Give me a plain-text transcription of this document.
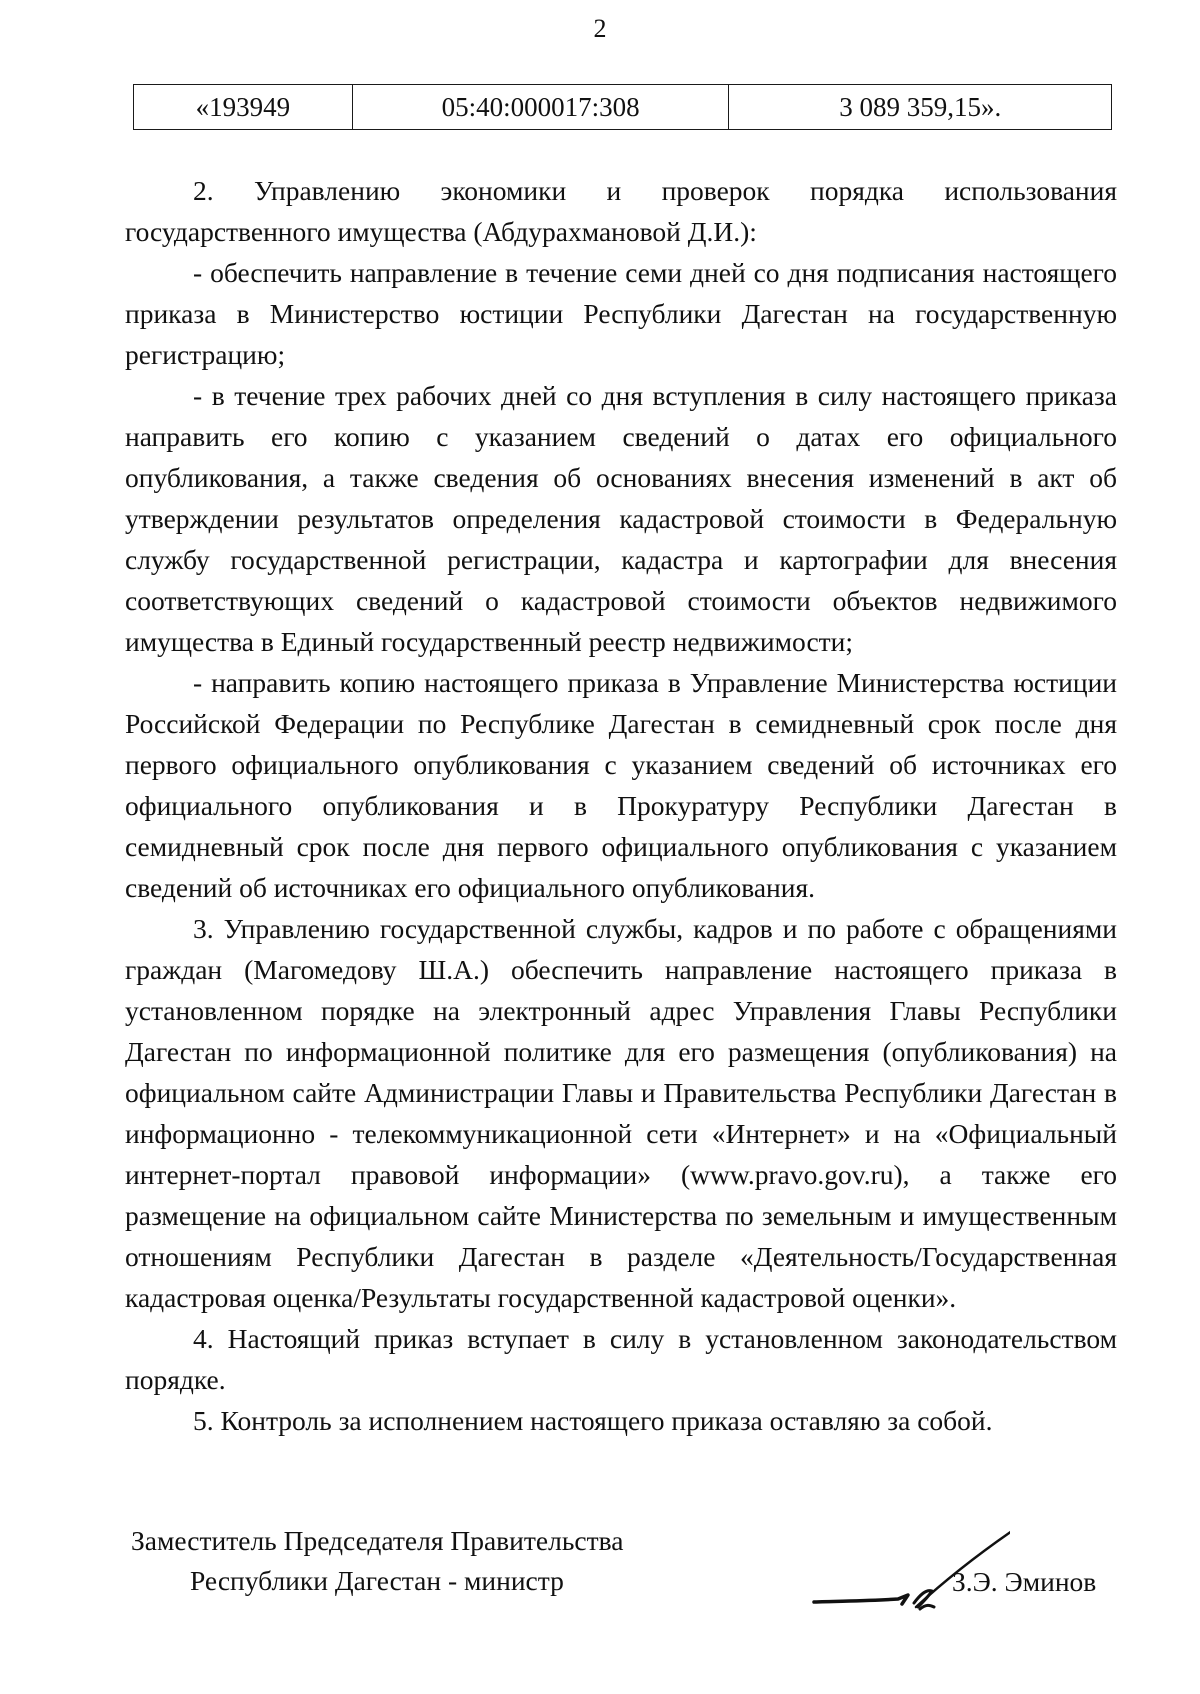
2
«193949	05:40:000017:308	3 089 359,15».

2. Управлению экономики и проверок порядка использования государственного имущества (Абдурахмановой Д.И.):

- обеспечить направление в течение семи дней со дня подписания настоящего приказа в Министерство юстиции Республики Дагестан на государственную регистрацию;

- в течение трех рабочих дней со дня вступления в силу настоящего приказа направить его копию с указанием сведений о датах его официального опубликования, а также сведения об основаниях внесения изменений в акт об утверждении результатов определения кадастровой стоимости в Федеральную службу государственной регистрации, кадастра и картографии для внесения соответствующих сведений о кадастровой стоимости объектов недвижимого имущества в Единый государственный реестр недвижимости;

- направить копию настоящего приказа в Управление Министерства юстиции Российской Федерации по Республике Дагестан в семидневный срок после дня первого официального опубликования с указанием сведений об источниках его официального опубликования и в Прокуратуру Республики Дагестан в семидневный срок после дня первого официального опубликования с указанием сведений об источниках его официального опубликования.

3. Управлению государственной службы, кадров и по работе с обращениями граждан (Магомедову Ш.А.) обеспечить направление настоящего приказа в установленном порядке на электронный адрес Управления Главы Республики Дагестан по информационной политике для его размещения (опубликования) на официальном сайте Администрации Главы и Правительства Республики Дагестан в информационно - телекоммуникационной сети «Интернет» и на «Официальный интернет-портал правовой информации» (www.pravo.gov.ru), а также его размещение на официальном сайте Министерства по земельным и имущественным отношениям Республики Дагестан в разделе «Деятельность/Государственная кадастровая оценка/Результаты государственной кадастровой оценки».

4. Настоящий приказ вступает в силу в установленном законодательством порядке.

5. Контроль за исполнением настоящего приказа оставляю за собой.

Заместитель Председателя Правительства
Республики Дагестан - министр	З.Э. Эминов
